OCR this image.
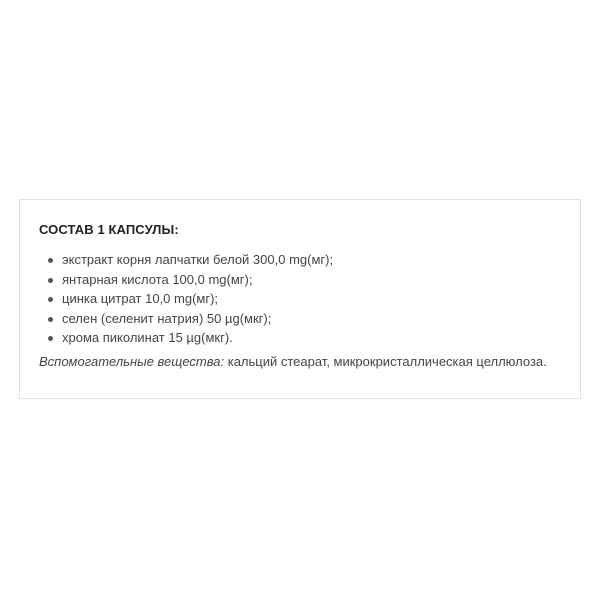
СОСТАВ 1 КАПСУЛЫ:

экстракт корня лапчатки белой 300,0 mg(мг);
янтарная кислота 100,0 mg(мг);
цинка цитрат 10,0 mg(мг);
селен (селенит натрия) 50 µg(мкг);
хрома пиколинат 15 µg(мкг).

Вспомогательные вещества: кальций стеарат, микрокристаллическая целлюлоза.
